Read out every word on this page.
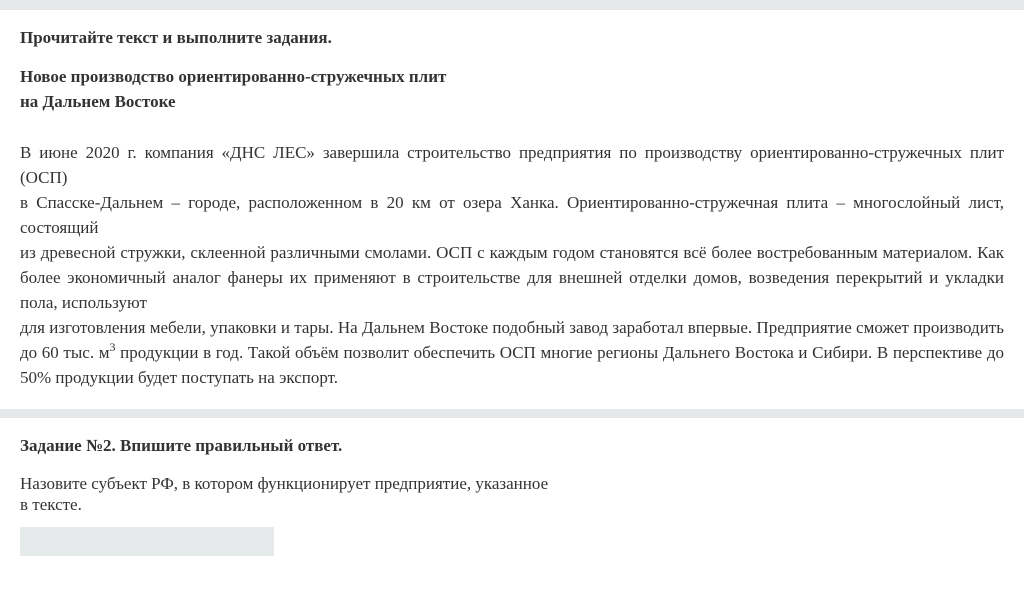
Прочитайте текст и выполните задания.
Новое производство ориентированно-стружечных плит
на Дальнем Востоке

В июне 2020 г. компания «ДНС ЛЕС» завершила строительство предприятия по производству ориентированно-стружечных плит (ОСП)

в Спасске-Дальнем – городе, расположенном в 20 км от озера Ханка. Ориентированно-стружечная плита – многослойный лист, состоящий

из древесной стружки, склеенной различными смолами. ОСП с каждым годом становятся всё более востребованным материалом. Как более экономичный аналог фанеры их применяют в строительстве для внешней отделки домов, возведения перекрытий и укладки пола, используют

для изготовления мебели, упаковки и тары. На Дальнем Востоке подобный завод заработал впервые. Предприятие сможет производить до 60 тыс. $м^3$ продукции в год. Такой объём позволит обеспечить ОСП многие регионы Дальнего Востока и Сибири. В перспективе до 50% продукции будет поступать на экспорт.

Задание №2. Впишите правильный ответ.
Назовите субъект РФ, в котором функционирует предприятие, указанное
в тексте.
